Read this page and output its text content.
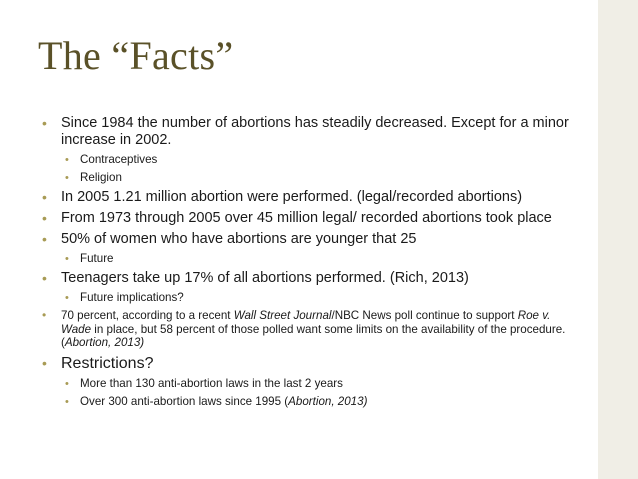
The “Facts”
• Since 1984 the number of abortions has steadily decreased. Except for a minor increase in 2002.
• Contraceptives
• Religion
• In 2005 1.21 million abortion were performed. (legal/recorded abortions)
• From 1973 through 2005 over 45 million legal/ recorded abortions took place
• 50% of women who have abortions are younger that 25
• Future
• Teenagers take up 17% of all abortions performed. (Rich, 2013)
• Future implications?
• 70 percent, according to a recent Wall Street Journal/NBC News poll continue to support Roe v. Wade in place, but 58 percent of those polled want some limits on the availability of the procedure. (Abortion, 2013)
• Restrictions?
• More than 130 anti-abortion laws in the last 2 years
• Over 300 anti-abortion laws since 1995 (Abortion, 2013)
